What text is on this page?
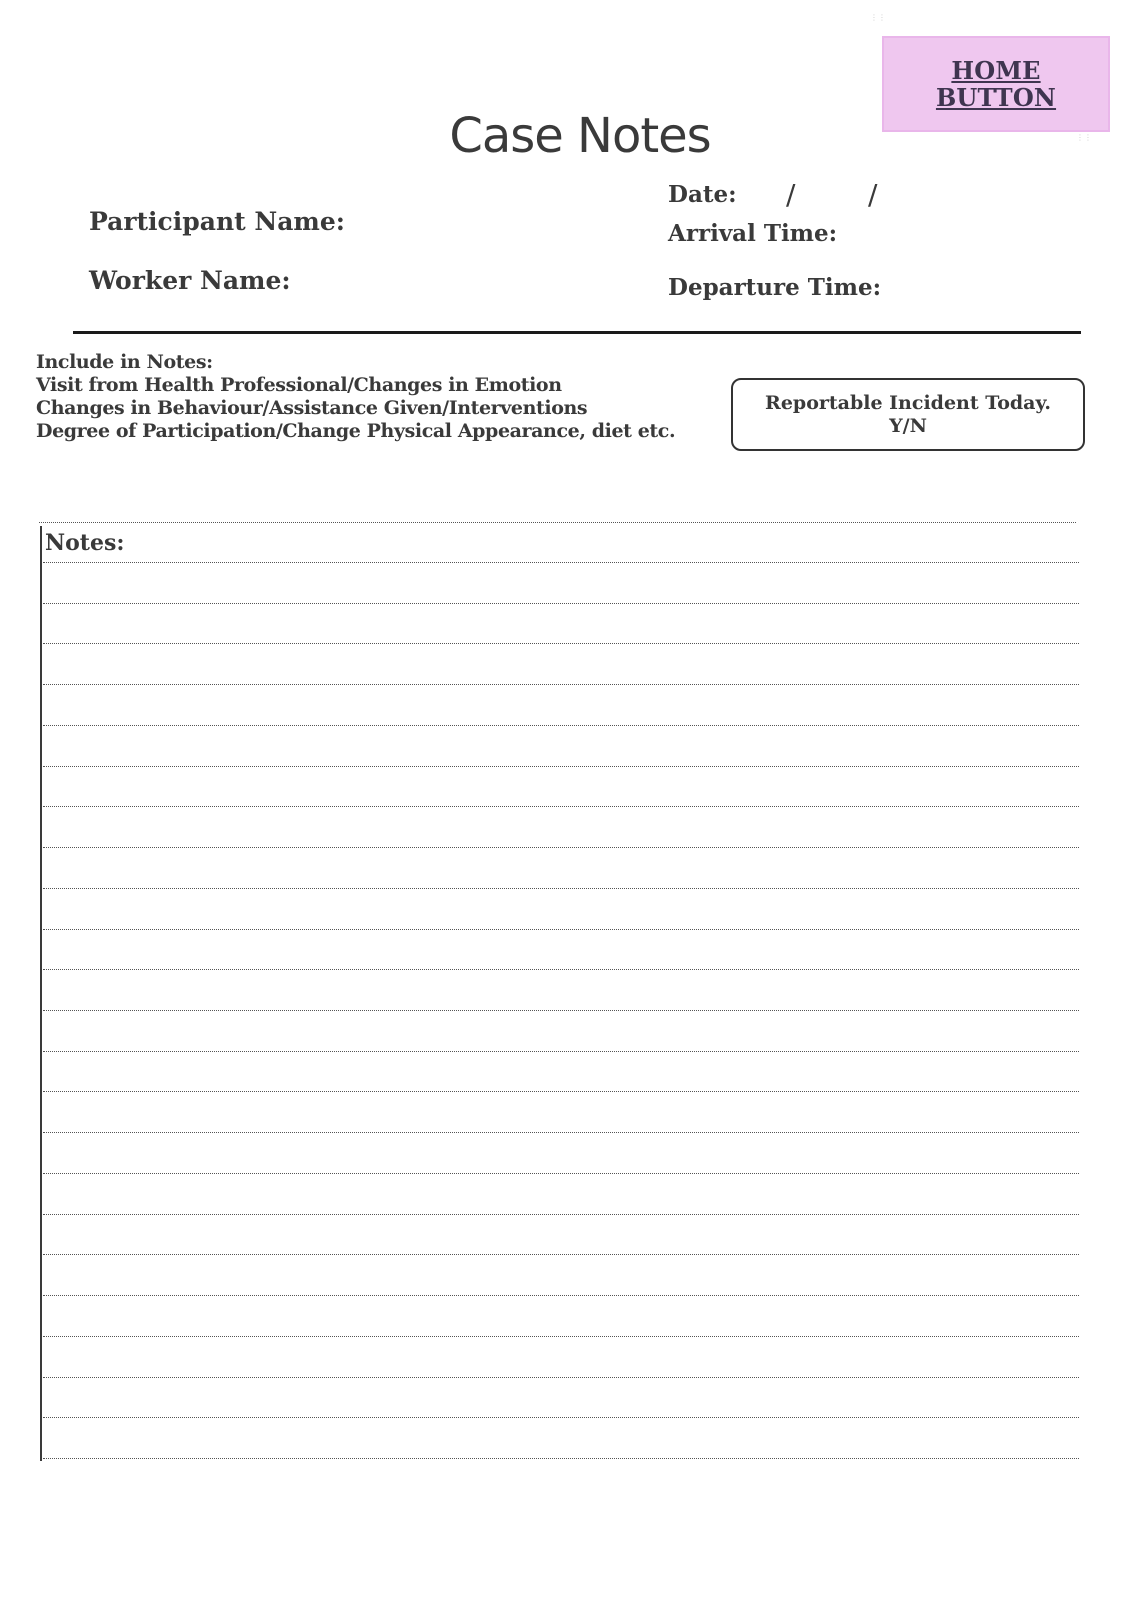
HOME
BUTTON
⋮⋮
⋮⋮
Case Notes
Participant Name:
Worker Name:
Date: /	/
Arrival Time:
Departure Time:
Include in Notes:
Visit from Health Professional/Changes in Emotion
Changes in Behaviour/Assistance Given/Interventions
Degree of Participation/Change Physical Appearance, diet etc.
Reportable Incident Today.
Y/N
Notes:
